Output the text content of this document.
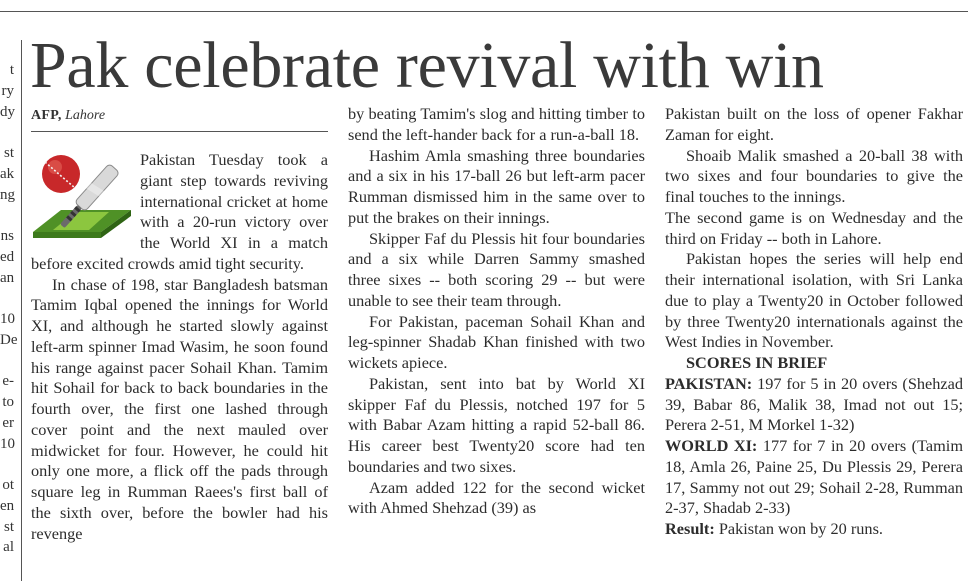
t
ry
dy
st
ak
ng
ns
ed
an
10
De
e-
to
er
10
ot
en
st
al
Pak celebrate revival with win
AFP, Lahore

Pakistan Tuesday took a giant step towards reviving international cricket at home with a 20-run victory over the World XI in a match before excited crowds amid tight security.

In chase of 198, star Bangladesh batsman Tamim Iqbal opened the innings for World XI, and although he started slowly against left-arm spinner Imad Wasim, he soon found his range against pacer Sohail Khan. Tamim hit Sohail for back to back boundaries in the fourth over, the first one lashed through cover point and the next mauled over midwicket for four. However, he could hit only one more, a flick off the pads through square leg in Rumman Raees's first ball of the sixth over, before the bowler had his revenge

by beating Tamim's slog and hitting timber to send the left-hander back for a run-a-ball 18.

Hashim Amla smashing three boundaries and a six in his 17-ball 26 but left-arm pacer Rumman dismissed him in the same over to put the brakes on their innings.

Skipper Faf du Plessis hit four boundaries and a six while Darren Sammy smashed three sixes -- both scoring 29 -- but were unable to see their team through.

For Pakistan, paceman Sohail Khan and leg-spinner Shadab Khan finished with two wickets apiece.

Pakistan, sent into bat by World XI skipper Faf du Plessis, notched 197 for 5 with Babar Azam hitting a rapid 52-ball 86. His career best Twenty20 score had ten boundaries and two sixes.

Azam added 122 for the second wicket with Ahmed Shehzad (39) as

Pakistan built on the loss of opener Fakhar Zaman for eight.

Shoaib Malik smashed a 20-ball 38 with two sixes and four boundaries to give the final touches to the innings.

The second game is on Wednesday and the third on Friday -- both in Lahore.

Pakistan hopes the series will help end their international isolation, with Sri Lanka due to play a Twenty20 in October followed by three Twenty20 internationals against the West Indies in November.

SCORES IN BRIEF

PAKISTAN: 197 for 5 in 20 overs (Shehzad 39, Babar 86, Malik 38, Imad not out 15; Perera 2-51, M Morkel 1-32)

WORLD XI: 177 for 7 in 20 overs (Tamim 18, Amla 26, Paine 25, Du Plessis 29, Perera 17, Sammy not out 29; Sohail 2-28, Rumman 2-37, Shadab 2-33)

Result: Pakistan won by 20 runs.
